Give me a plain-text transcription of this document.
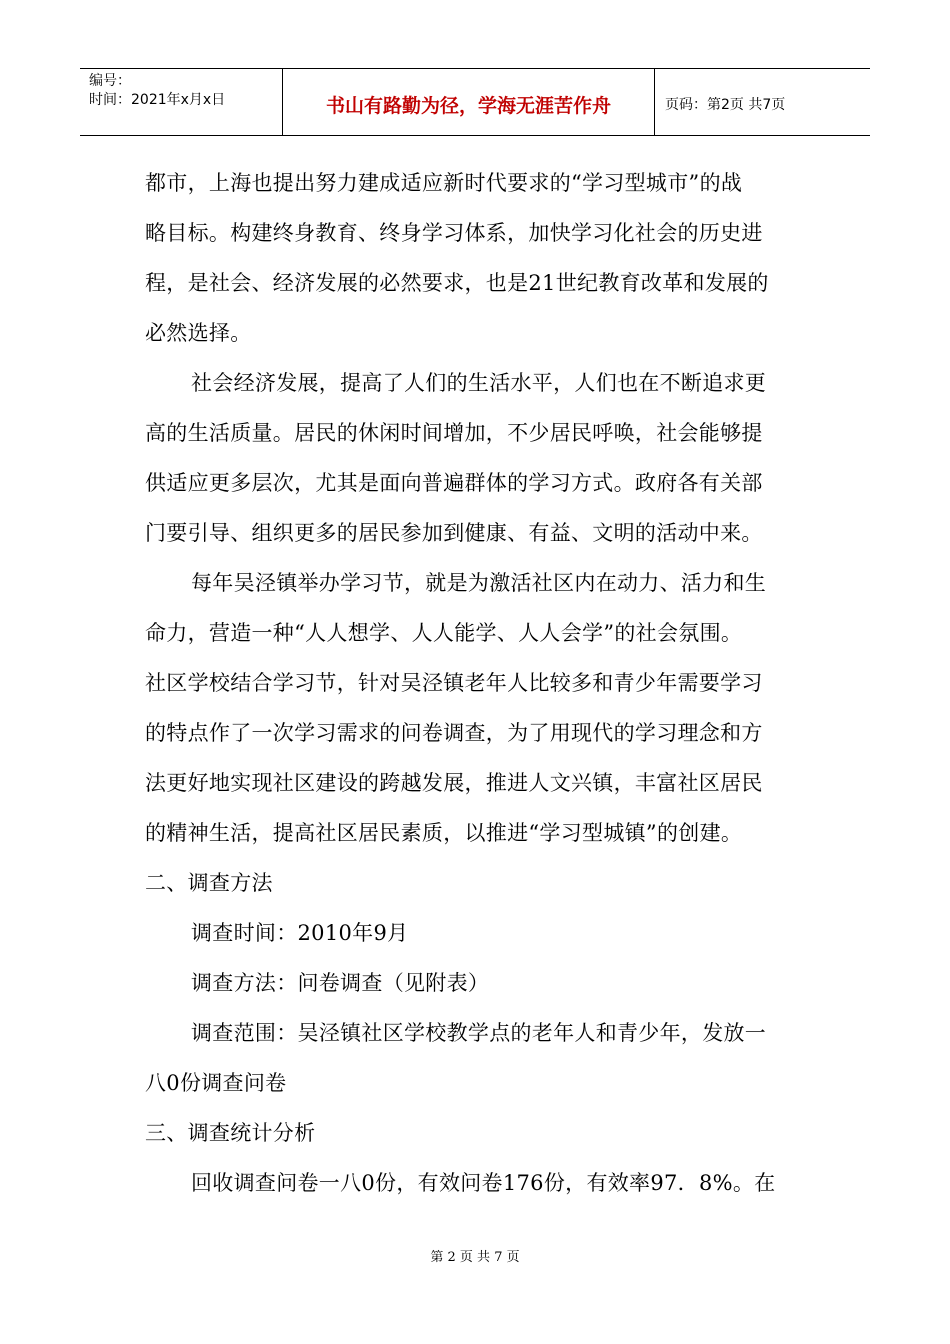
编号：
时间：2021年x月x日	书山有路勤为径，学海无涯苦作舟	页码：第2页 共7页
都市，上海也提出努力建成适应新时代要求的“学习型城市”的战
略目标。构建终身教育、终身学习体系，加快学习化社会的历史进
程，是社会、经济发展的必然要求，也是21世纪教育改革和发展的
必然选择。
社会经济发展，提高了人们的生活水平，人们也在不断追求更
高的生活质量。居民的休闲时间增加，不少居民呼唤，社会能够提
供适应更多层次，尤其是面向普遍群体的学习方式。政府各有关部
门要引导、组织更多的居民参加到健康、有益、文明的活动中来。
每年吴泾镇举办学习节，就是为激活社区内在动力、活力和生
命力，营造一种“人人想学、人人能学、人人会学”的社会氛围。
社区学校结合学习节，针对吴泾镇老年人比较多和青少年需要学习
的特点作了一次学习需求的问卷调查，为了用现代的学习理念和方
法更好地实现社区建设的跨越发展，推进人文兴镇，丰富社区居民
的精神生活，提高社区居民素质，以推进“学习型城镇”的创建。
二、调查方法
调查时间：2010年9月
调查方法：问卷调查（见附表）
调查范围：吴泾镇社区学校教学点的老年人和青少年，发放一
八0份调查问卷
三、调查统计分析
回收调查问卷一八0份，有效问卷176份，有效率97．8%。在
第 2 页 共 7 页
